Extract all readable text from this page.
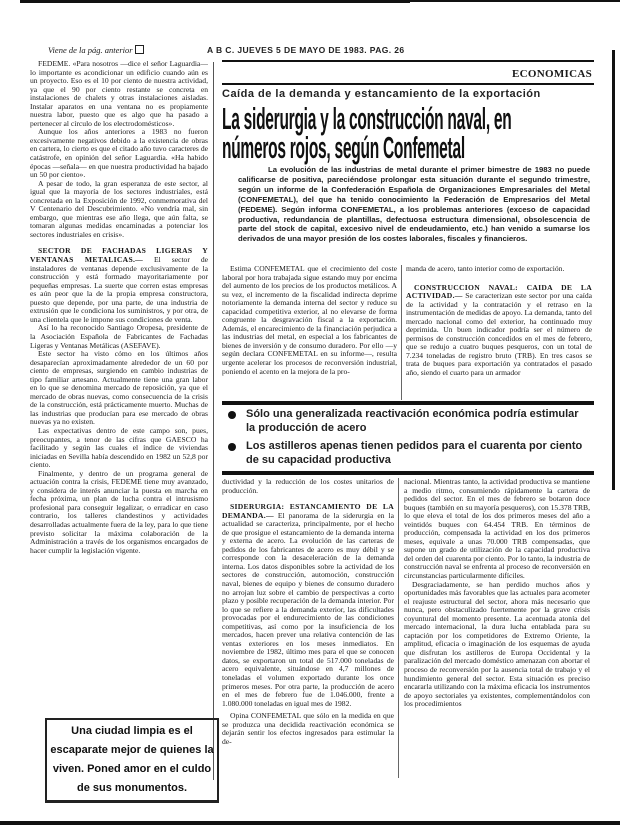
A B C. JUEVES 5 DE MAYO DE 1983. PAG. 26
ECONOMICAS
Viene de la pág. anterior

FEDEME. «Para nosotros —dice el señor Laguardia— lo importante es acondicionar un edificio cuando aún es un proyecto. Eso es el 10 por ciento de nuestra actividad, ya que el 90 por ciento restante se concreta en instalaciones de chalets y otras instalaciones aisladas. Instalar aparatos en una ventana no es propiamente nuestra labor, puesto que es algo que ha pasado a pertenecer al círculo de los electrodomésticos».

Aunque los años anteriores a 1983 no fueron excesivamente negativos debido a la existencia de obras en cartera, lo cierto es que el citado año tuvo caracteres de catástrofe, en opinión del señor Laguardia. «Ha habido épocas —señala— en que nuestra productividad ha bajado un 50 por ciento».

A pesar de todo, la gran esperanza de este sector, al igual que la mayoría de los sectores industriales, está concretada en la Exposición de 1992, conmemorativa del V Centenario del Descubrimiento. «No vendría mal, sin embargo, que mientras ese año llega, que aún falta, se tomaran algunas medidas encaminadas a potenciar los sectores industriales en crisis».

SECTOR DE FACHADAS LIGERAS Y VENTANAS METALICAS.— El sector de instaladores de ventanas depende exclusivamente de la construcción y está formado mayoritariamente por pequeñas empresas. La suerte que corren estas empresas es aún peor que la de la propia empresa constructora, puesto que depende, por una parte, de una industria de extrusión que le condiciona los suministros, y por otra, de una clientela que le impone sus condiciones de venta.

Así lo ha reconocido Santiago Oropesa, presidente de la Asociación Española de Fabricantes de Fachadas Ligeras y Ventanas Metálicas (ASEFAVE).

Este sector ha visto cómo en los últimos años desaparecían aproximadamente alrededor de un 60 por ciento de empresas, surgiendo en cambio industrias de tipo familiar artesano. Actualmente tiene una gran labor en lo que se denomina mercado de reposición, ya que el mercado de obras nuevas, como consecuencia de la crisis de la construcción, está prácticamente muerto. Muchas de las industrias que producían para ese mercado de obras nuevas ya no existen.

Las expectativas dentro de este campo son, pues, preocupantes, a tenor de las cifras que GAESCO ha facilitado y según las cuales el índice de viviendas iniciadas en Sevilla había descendido en 1982 un 52,8 por ciento.

Finalmente, y dentro de un programa general de actuación contra la crisis, FEDEME tiene muy avanzado, y considera de interés anunciar la puesta en marcha en fecha próxima, un plan de lucha contra el intrusismo profesional para conseguir legalizar, o erradicar en caso contrario, los talleres clandestinos y actividades desarrolladas actualmente fuera de la ley, para lo que tiene previsto solicitar la máxima colaboración de la Administración a través de los organismos encargados de hacer cumplir la legislación vigente.

Una ciudad limpia es el escaparate mejor de quienes la viven. Poned amor en el culdo de sus monumentos.
Caída de la demanda y estancamiento de la exportación
La siderurgia y la construcción naval, en
números rojos, según Confemetal
La evolución de las industrias de metal durante el primer bimestre de 1983 no puede calificarse de positiva, pareciéndose prolongar esta situación durante el segundo trimestre, según un informe de la Confederación Española de Organizaciones Empresariales del Metal (CONFEMETAL), del que ha tenido conocimiento la Federación de Empresarios del Metal (FEDEME). Según informa CONFEMETAL, a los problemas anteriores (exceso de capacidad productiva, redundancia de plantillas, defectuosa estructura dimensional, obsolescencia de parte del stock de capital, excesivo nivel de endeudamiento, etc.) han venido a sumarse los derivados de una mayor presión de los costes laborales, fiscales y financieros.

Estima CONFEMETAL que el crecimiento del coste laboral por hora trabajada sigue estando muy por encima del aumento de los precios de los productos metálicos. A su vez, el incremento de la fiscalidad indirecta deprime notoriamente la demanda interna del sector y reduce su capacidad competitiva exterior, al no elevarse de forma congruente la desgravación fiscal a la exportación. Además, el encarecimiento de la financiación perjudica a las industrias del metal, en especial a los fabricantes de bienes de inversión y de consumo duradero. Por ello —y según declara CONFEMETAL en su informe—, resulta urgente acelerar los procesos de reconversión industrial, poniendo el acento en la mejora de la pro-

manda de acero, tanto interior como de exportación.

CONSTRUCCION NAVAL: CAIDA DE LA ACTIVIDAD.— Se caracterizan este sector por una caída de la actividad y la contratación y el retraso en la instrumentación de medidas de apoyo. La demanda, tanto del mercado nacional como del exterior, ha continuado muy deprimida. Un buen indicador podría ser el número de permisos de construcción concedidos en el mes de febrero, que se redujo a cuatro buques pesqueros, con un total de 7.234 toneladas de registro bruto (TRB). En tres casos se trata de buques para exportación ya contratados el pasado año, siendo el cuarto para un armador

Sólo una generalizada reactivación económica podría estimular la producción de acero
Los astilleros apenas tienen pedidos para el cuarenta por ciento de su capacidad productiva

ductividad y la reducción de los costes unitarios de producción.

SIDERURGIA: ESTANCAMIENTO DE LA DEMANDA.— El panorama de la siderurgia en la actualidad se caracteriza, principalmente, por el hecho de que prosigue el estancamiento de la demanda interna y externa de acero. La evolución de las carteras de pedidos de los fabricantes de acero es muy débil y se corresponde con la desaceleración de la demanda interna. Los datos disponibles sobre la actividad de los sectores de construcción, automoción, construcción naval, bienes de equipo y bienes de consumo duradero no arrojan luz sobre el cambio de perspectivas a corto plazo y posible recuperación de la demanda interior. Por lo que se refiere a la demanda exterior, las dificultades provocadas por el endurecimiento de las condiciones competitivas, así como por la insuficiencia de los mercados, hacen prever una relativa contención de las ventas exteriores en los meses inmediatos. En noviembre de 1982, último mes para el que se conocen datos, se exportaron un total de 517.000 toneladas de acero equivalente, situándose en 4,7 millones de toneladas el volumen exportado durante los once primeros meses. Por otra parte, la producción de acero en el mes de febrero fue de 1.046.000, frente a 1.080.000 toneladas en igual mes de 1982.

Opina CONFEMETAL que sólo en la medida en que se produzca una decidida reactivación económica se dejarán sentir los efectos ingresados para estimular la de-

nacional. Mientras tanto, la actividad productiva se mantiene a medio ritmo, consumiendo rápidamente la cartera de pedidos del sector. En el mes de febrero se botaron doce buques (también en su mayoría pesqueros), con 15.378 TRB, lo que eleva el total de los dos primeros meses del año a veintidós buques con 64.454 TRB. En términos de producción, compensada la actividad en los dos primeros meses, equivale a unas 70.000 TRB compensadas, que supone un grado de utilización de la capacidad productiva del orden del cuarenta por ciento. Por lo tanto, la industria de construcción naval se enfrenta al proceso de reconversión en circunstancias particularmente difíciles.

Desgraciadamente, se han perdido muchos años y oportunidades más favorables que las actuales para acometer el reajuste estructural del sector, ahora más necesario que nunca, pero obstaculizado fuertemente por la grave crisis coyuntural del momento presente. La acentuada atonía del mercado internacional, la dura lucha entablada para su captación por los competidores de Extremo Oriente, la amplitud, eficacia o imaginación de los esquemas de ayuda que disfrutan los astilleros de Europa Occidental y la paralización del mercado doméstico amenazan con abortar el proceso de reconversión por la ausencia total de trabajo y el hundimiento general del sector. Esta situación es preciso encararla utilizando con la máxima eficacia los instrumentos de apoyo sectoriales ya existentes, complementándolos con los procedimientos
